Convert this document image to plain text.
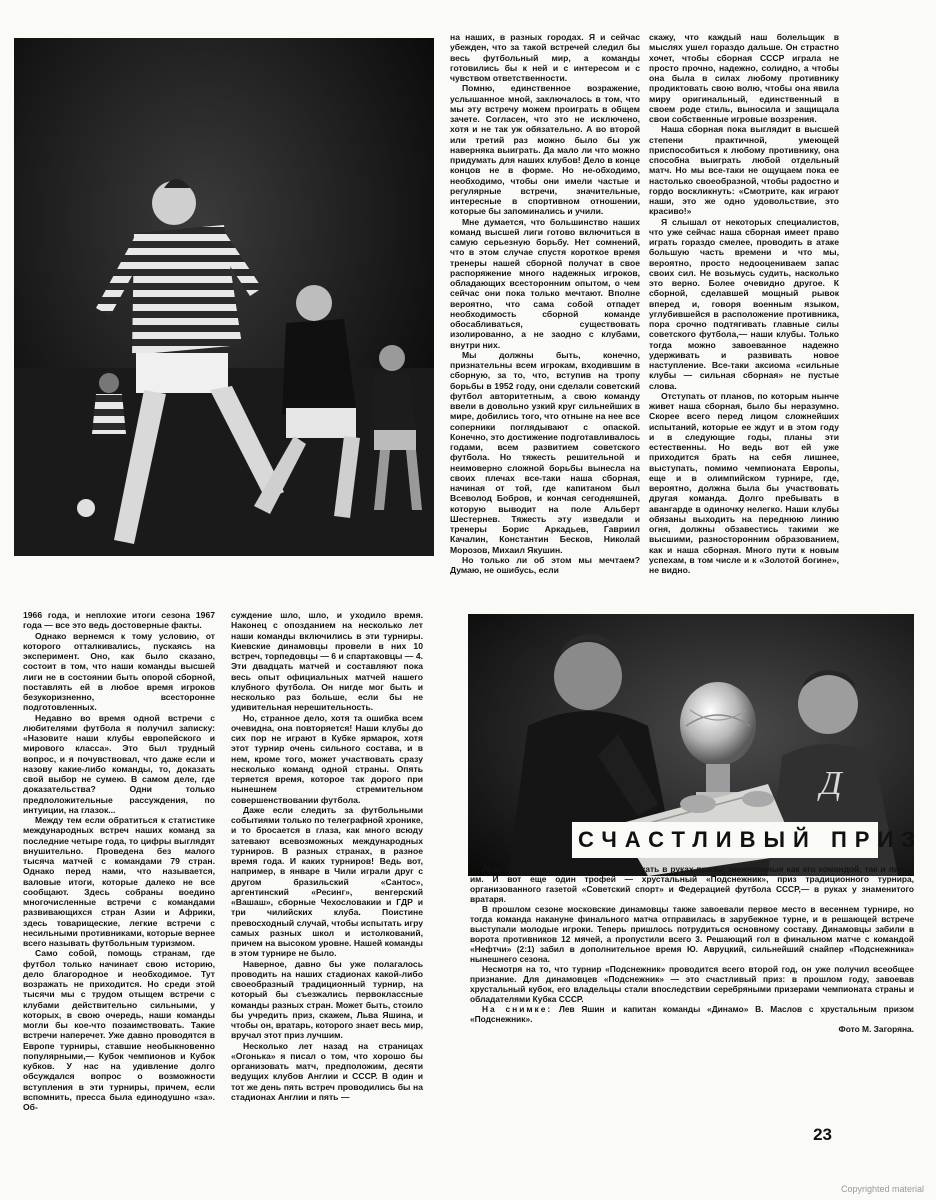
на наших, в разных городах. Я и сейчас убежден, что за такой встречей следил бы весь футбольный мир, а команды готовились бы к ней и с интересом и с чувством ответственности.

Помню, единственное возражение, услышанное мной, заключалось в том, что мы эту встречу можем проиграть в общем зачете. Согласен, что это не исключено, хотя и не так уж обязательно. А во второй или третий раз можно было бы уж наверняка выиграть. Да мало ли что можно придумать для наших клубов! Дело в конце концов не в форме. Но не-обходимо, необходимо, чтобы они имели частые и регулярные встречи, значительные, интересные в спортивном отношении, которые бы запоминались и учили.

Мне думается, что большинство наших команд высшей лиги готово включиться в самую серьезную борьбу. Нет сомнений, что в этом случае спустя короткое время тренеры нашей сборной получат в свое распоряжение много надежных игроков, обладающих всесторонним опытом, о чем сейчас они пока только мечтают. Вполне вероятно, что сама собой отпадет необходимость сборной команде обосабливаться, существовать изолированно, а не заодно с клубами, внутри них.

Мы должны быть, конечно, признательны всем игрокам, входившим в сборную, за то, что, вступив на тропу борьбы в 1952 году, они сделали советский футбол авторитетным, а свою команду ввели в довольно узкий круг сильнейших в мире, добились того, что отныне на нее все соперники поглядывают с опаской. Конечно, это достижение подготавливалось годами, всем развитием советского футбола. Но тяжесть решительной и неимоверно сложной борьбы вынесла на своих плечах все-таки наша сборная, начиная от той, где капитаном был Всеволод Бобров, и кончая сегодняшней, которую выводит на поле Альберт Шестернев. Тяжесть эту изведали и тренеры Борис Аркадьев, Гавриил Качалин, Константин Бесков, Николай Морозов, Михаил Якушин.

Но только ли об этом мы мечтаем? Думаю, не ошибусь, если

скажу, что каждый наш болельщик в мыслях ушел гораздо дальше. Он страстно хочет, чтобы сборная СССР играла не просто прочно, надежно, солидно, а чтобы она была в силах любому противнику продиктовать свою волю, чтобы она явила миру оригинальный, единственный в своем роде стиль, выносила и защищала свои собственные игровые воззрения.

Наша сборная пока выглядит в высшей степени практичной, умеющей приспособиться к любому противнику, она способна выиграть любой отдельный матч. Но мы все-таки не ощущаем пока ее настолько своеобразной, чтобы радостно и гордо воскликнуть: «Смотрите, как играют наши, это же одно удовольствие, это красиво!»

Я слышал от некоторых специалистов, что уже сейчас наша сборная имеет право играть гораздо смелее, проводить в атаке большую часть времени и что мы, вероятно, просто недооцениваем запас своих сил. Не возьмусь судить, насколько это верно. Более очевидно другое. К сборной, сделавшей мощный рывок вперед и, говоря военным языком, углубившейся в расположение противника, пора срочно подтягивать главные силы советского футбола,— наши клубы. Только тогда можно завоеванное надежно удерживать и развивать новое наступление. Все-таки аксиома «сильные клубы — сильная сборная» не пустые слова.

Отступать от планов, по которым нынче живет наша сборная, было бы неразумно. Скорее всего перед лицом сложнейших испытаний, которые ее ждут и в этом году и в следующие годы, планы эти естественны. Но ведь вот ей уже приходится брать на себя лишнее, выступать, помимо чемпионата Европы, еще и в олимпийском турнире, где, вероятно, должна была бы участвовать другая команда. Долго пребывать в авангарде в одиночку нелегко. Наши клубы обязаны выходить на переднюю линию огня, должны обзавестись такими же высшими, разносторонним образованием, как и наша сборная. Много пути к новым успехам, в том числе и к «Золотой богине», не видно.

1966 года, и неплохие итоги сезона 1967 года — все это ведь достоверные факты.

Однако вернемся к тому условию, от которого отталкивались, пускаясь на эксперимент. Оно, как было сказано, состоит в том, что наши команды высшей лиги не в состоянии быть опорой сборной, поставлять ей в любое время игроков безукоризненно, всесторонне подготовленных.

Недавно во время одной встречи с любителями футбола я получил записку: «Назовите наши клубы европейского и мирового класса». Это был трудный вопрос, и я почувствовал, что даже если и назову какие-либо команды, то, доказать свой выбор не сумею. В самом деле, где доказательства? Одни только предположительные рассуждения, по интуиции, на глазок...

Между тем если обратиться к статистике международных встреч наших команд за последние четыре года, то цифры выглядят внушительно. Проведена без малого тысяча матчей с командами 79 стран. Однако перед нами, что называется, валовые итоги, которые далеко не все сообщают. Здесь собраны воедино многочисленные встречи с командами развивающихся стран Азии и Африки, здесь товарищеские, легкие встречи с несильными противниками, которые вернее всего называть футбольным туризмом.

Само собой, помощь странам, где футбол только начинает свою историю, дело благородное и необходимое. Тут возражать не приходится. Но среди этой тысячи мы с трудом отыщем встречи с клубами действительно сильными, у которых, в свою очередь, наши команды могли бы кое-что позаимствовать. Такие встречи наперечет. Уже давно проводятся в Европе турниры, ставшие необыкновенно популярными,— Кубок чемпионов и Кубок кубков. У нас на удивление долго обсуждался вопрос о возможности вступления в эти турниры, причем, если вспомнить, пресса была единодушно «за». Об-

суждение шло, шло, и уходило время. Наконец с опозданием на несколько лет наши команды включились в эти турниры. Киевские динамовцы провели в них 10 встреч, торпедовцы — 6 и спартаковцы — 4. Эти двадцать матчей и составляют пока весь опыт официальных матчей нашего клубного футбола. Он нигде мог быть и несколько раз больше, если бы не удивительная нерешительность.

Но, странное дело, хотя та ошибка всем очевидна, она повторяется! Наши клубы до сих пор не играют в Кубке ярмарок, хотя этот турнир очень сильного состава, и в нем, кроме того, может участвовать сразу несколько команд одной страны. Опять теряется время, которое так дорого при нынешнем стремительном совершенствовании футбола.

Даже если следить за футбольными событиями только по телеграфной хронике, и то бросается в глаза, как много всюду затевают всевозможных международных турниров. В разных странах, в разное время года. И каких турниров! Ведь вот, например, в январе в Чили играли друг с другом бразильский «Сантос», аргентинский «Ресинг», венгерский «Вашаш», сборные Чехословакии и ГДР и три чилийских клуба. Поистине превосходный случай, чтобы испытать игру самых разных школ и истолкований, причем на высоком уровне. Нашей команды в этом турнире не было.

Наверное, давно бы уже полагалось проводить на наших стадионах какой-либо своеобразный традиционный турнир, на который бы съезжались первоклассные команды разных стран. Может быть, стоило бы учредить приз, скажем, Льва Яшина, и чтобы он, вратарь, которого знает весь мир, вручал этот приз лучшим.

Несколько лет назад на страницах «Огонька» я писал о том, что хорошо бы организовать матч, предположим, десяти ведущих клубов Англии и СССР. В один и тот же день пять встреч проводились бы на стадионах Англии и пять —

Д
СЧАСТЛИВЫЙ ПРИЗ

Льву Яшину не раз приходилось держать в руках призы, завоеванные как его командой, так и лично им. И вот еще один трофей — хрустальный «Подснежник», приз традиционного турнира, организованного газетой «Советский спорт» и Федерацией футбола СССР,— в руках у знаменитого вратаря.

В прошлом сезоне московские динамовцы также завоевали первое место в весеннем турнире, но тогда команда накануне финального матча отправилась в зарубежное турне, и в решающей встрече выступали молодые игроки. Теперь пришлось потрудиться основному составу. Динамовцы забили в ворота противников 12 мячей, а пропустили всего 3. Решающий гол в финальном матче с командой «Нефтчи» (2:1) забил в дополнительное время Ю. Авруцкий, сильнейший снайпер «Подснежника» нынешнего сезона.

Несмотря на то, что турнир «Подснежник» проводится всего второй год, он уже получил всеобщее признание. Для динамовцев «Подснежник» — это счастливый приз: в прошлом году, завоевав хрустальный кубок, его владельцы стали впоследствии серебряными призерами чемпионата страны и обладателями Кубка СССР.

На снимке: Лев Яшин и капитан команды «Динамо» В. Маслов с хрустальным призом «Подснежник».

Фото М. Загоряна.

23
Copyrighted material
